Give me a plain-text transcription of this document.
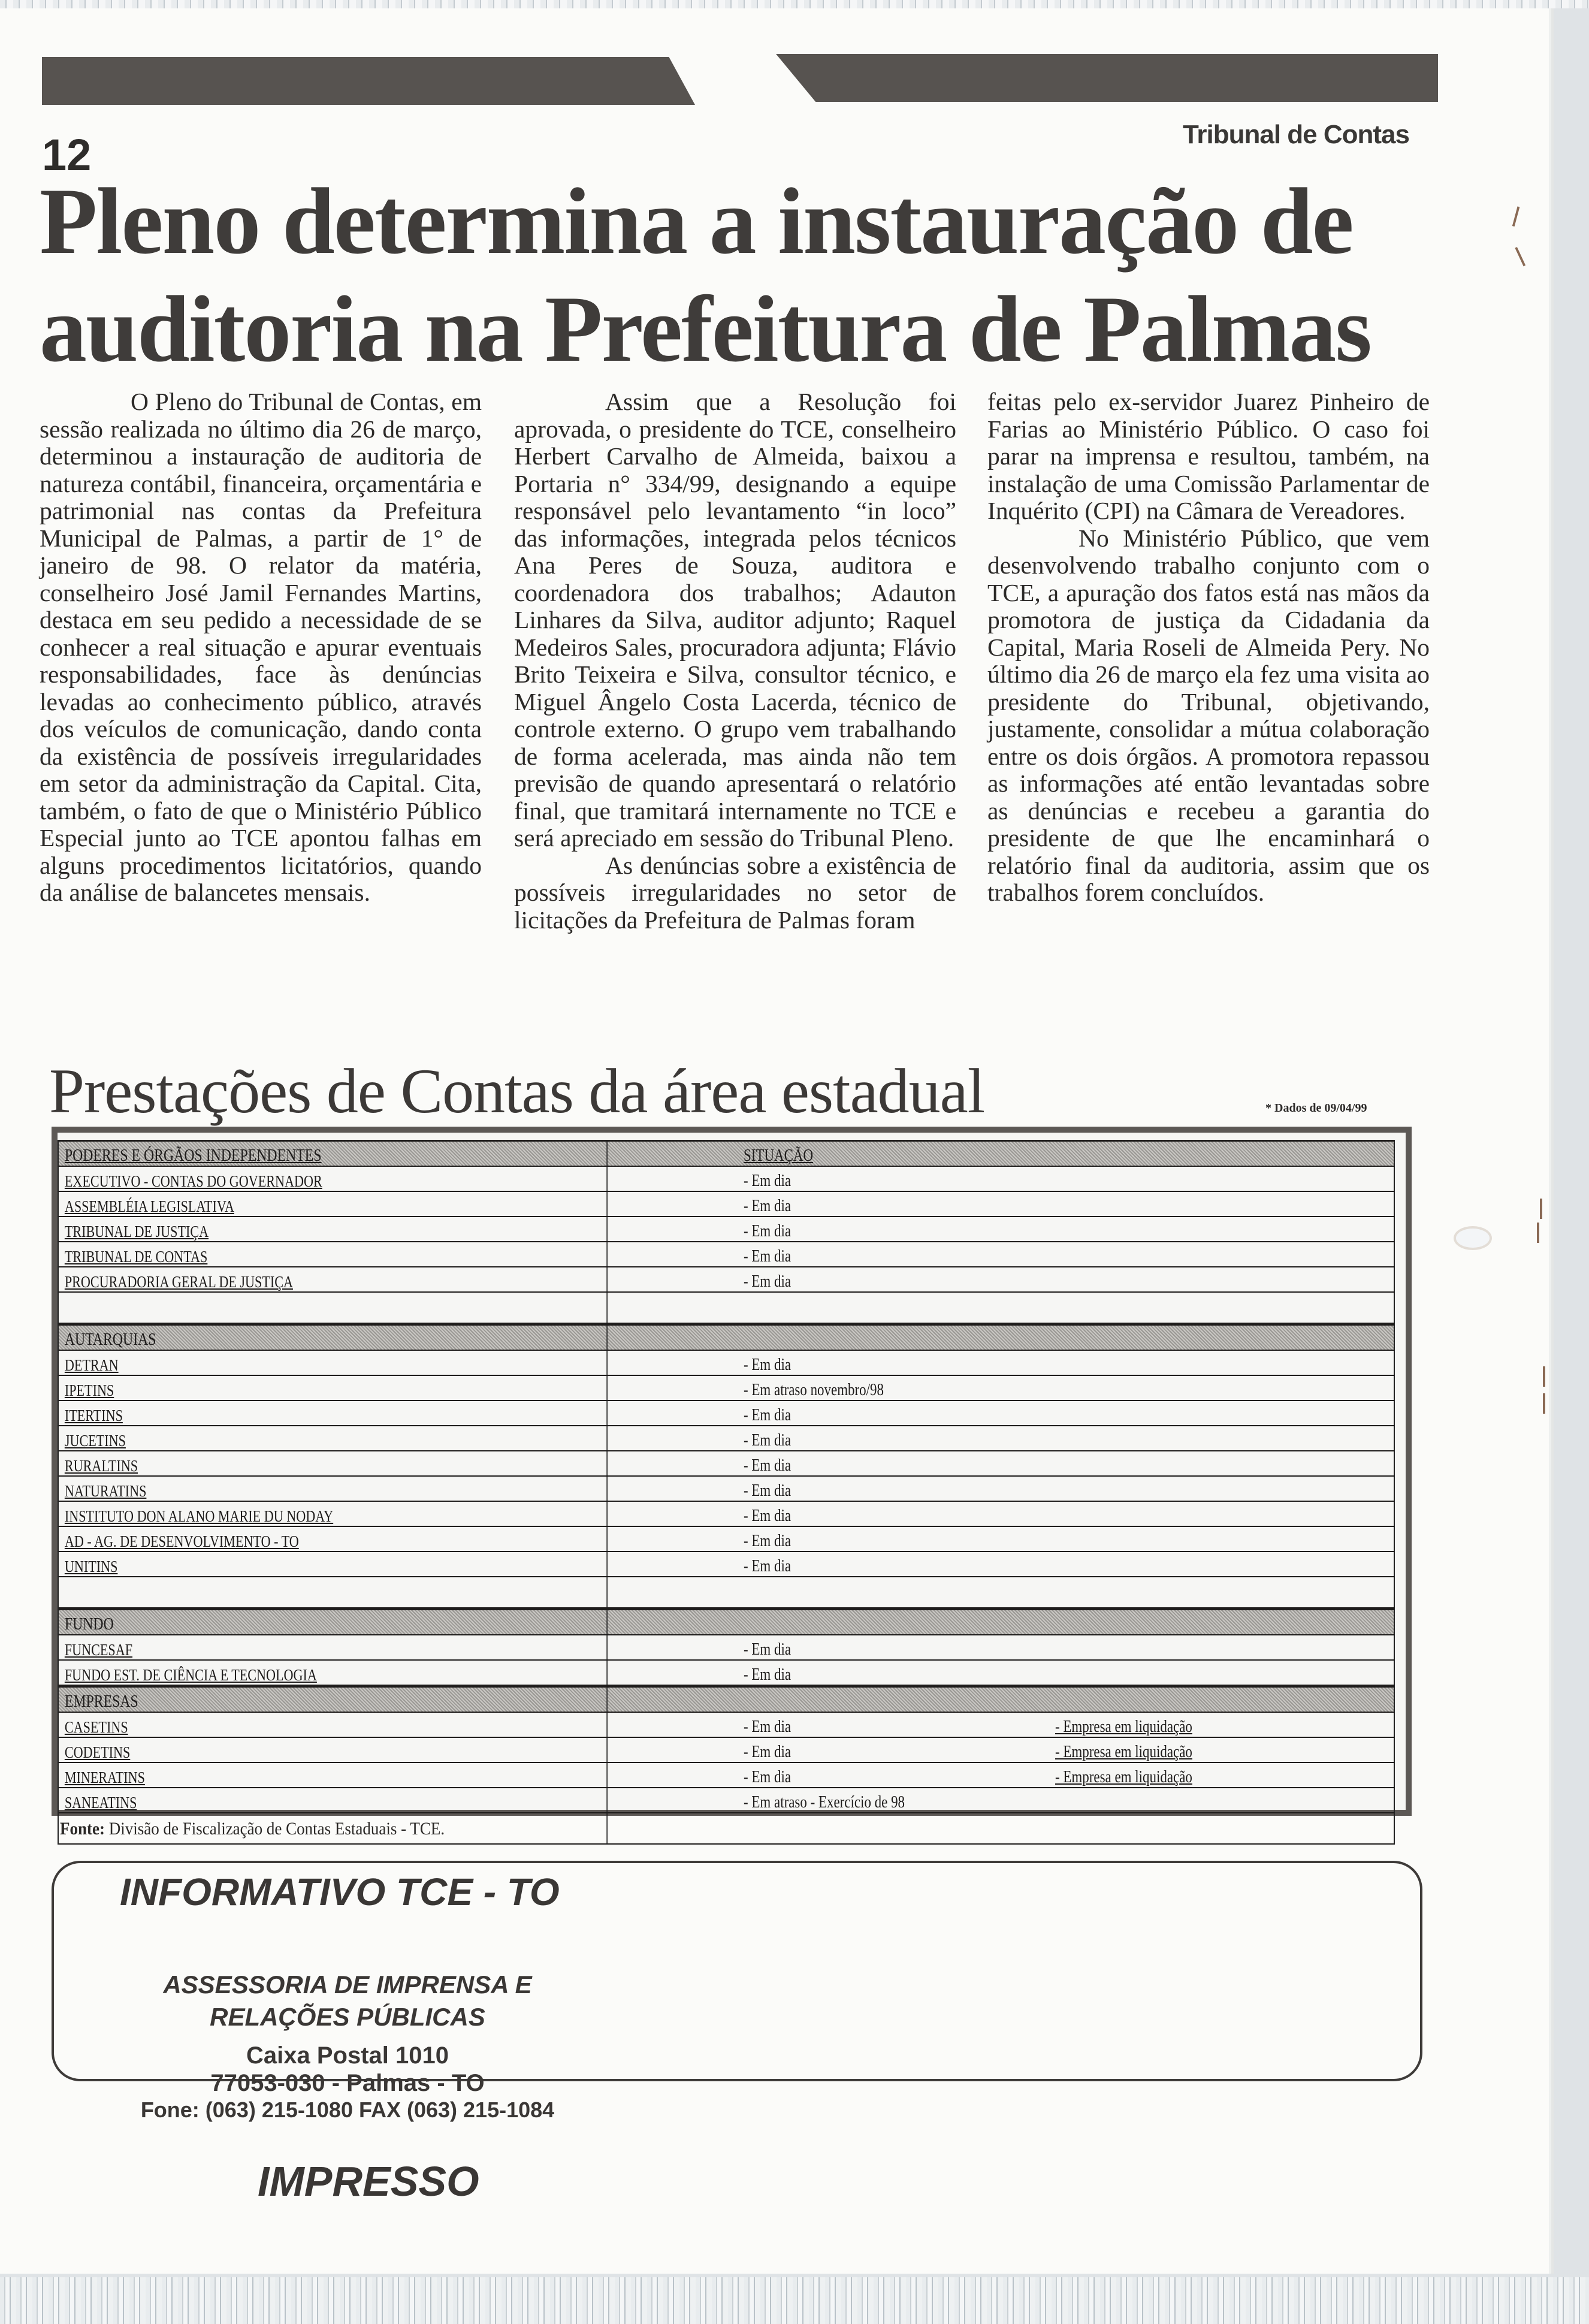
12	Tribunal de Contas
Pleno determina a instauração de
auditoria na Prefeitura de Palmas

O Pleno do Tribunal de Contas, em sessão realizada no último dia 26 de março, determinou a instauração de auditoria de natureza contábil, financeira, orçamentária e patrimonial nas contas da Prefeitura Municipal de Palmas, a partir de 1° de janeiro de 98. O relator da matéria, conselheiro José Jamil Fernandes Martins, destaca em seu pedido a necessidade de se conhecer a real situação e apurar eventuais responsabilidades, face às denúncias levadas ao conhecimento público, através dos veículos de comunicação, dando conta da existência de possíveis irregularidades em setor da administração da Capital. Cita, também, o fato de que o Ministério Público Especial junto ao TCE apontou falhas em alguns procedimentos licitatórios, quando da análise de balancetes mensais.

Assim que a Resolução foi aprovada, o presidente do TCE, conselheiro Herbert Carvalho de Almeida, baixou a Portaria n° 334/99, designando a equipe responsável pelo levantamento “in loco” das informações, integrada pelos técnicos Ana Peres de Souza, auditora e coordenadora dos trabalhos; Adauton Linhares da Silva, auditor adjunto; Raquel Medeiros Sales, procuradora adjunta; Flávio Brito Teixeira e Silva, consultor técnico, e Miguel Ângelo Costa Lacerda, técnico de controle externo. O grupo vem trabalhando de forma acelerada, mas ainda não tem previsão de quando apresentará o relatório final, que tramitará internamente no TCE e será apreciado em sessão do Tribunal Pleno.

As denúncias sobre a existência de possíveis irregularidades no setor de licitações da Prefeitura de Palmas foram

feitas pelo ex-servidor Juarez Pinheiro de Farias ao Ministério Público. O caso foi parar na imprensa e resultou, também, na instalação de uma Comissão Parlamentar de Inquérito (CPI) na Câmara de Vereadores.

No Ministério Público, que vem desenvolvendo trabalho conjunto com o TCE, a apuração dos fatos está nas mãos da promotora de justiça da Cidadania da Capital, Maria Roseli de Almeida Pery. No último dia 26 de março ela fez uma visita ao presidente do Tribunal, objetivando, justamente, consolidar a mútua colaboração entre os dois órgãos. A promotora repassou as informações até então levantadas sobre as denúncias e recebeu a garantia do presidente de que lhe encaminhará o relatório final da auditoria, assim que os trabalhos forem concluídos.

Prestações de Contas da área estadual	* Dados de 09/04/99
PODERES E ÓRGÃOS INDEPENDENTES	SITUAÇÃO
EXECUTIVO - CONTAS DO GOVERNADOR	- Em dia
ASSEMBLÉIA LEGISLATIVA	- Em dia
TRIBUNAL DE JUSTIÇA	- Em dia
TRIBUNAL DE CONTAS	- Em dia
PROCURADORIA GERAL DE JUSTIÇA	- Em dia
AUTARQUIAS
DETRAN	- Em dia
IPETINS	- Em atraso novembro/98
ITERTINS	- Em dia
JUCETINS	- Em dia
RURALTINS	- Em dia
NATURATINS	- Em dia
INSTITUTO DON ALANO MARIE DU NODAY	- Em dia
AD - AG. DE DESENVOLVIMENTO - TO	- Em dia
UNITINS	- Em dia
FUNDO
FUNCESAF	- Em dia
FUNDO EST. DE CIÊNCIA E TECNOLOGIA	- Em dia
EMPRESAS
CASETINS	- Em dia	- Empresa em liquidação
CODETINS	- Em dia	- Empresa em liquidação
MINERATINS	- Em dia	- Empresa em liquidação
SANEATINS	- Em atraso - Exercício de 98
Fonte: Divisão de Fiscalização de Contas Estaduais - TCE.
INFORMATIVO TCE - TO
ASSESSORIA DE IMPRENSA E
RELAÇÕES PÚBLICAS
Caixa Postal 1010
77053-030 - Palmas - TO
Fone: (063) 215-1080 FAX (063) 215-1084
IMPRESSO
